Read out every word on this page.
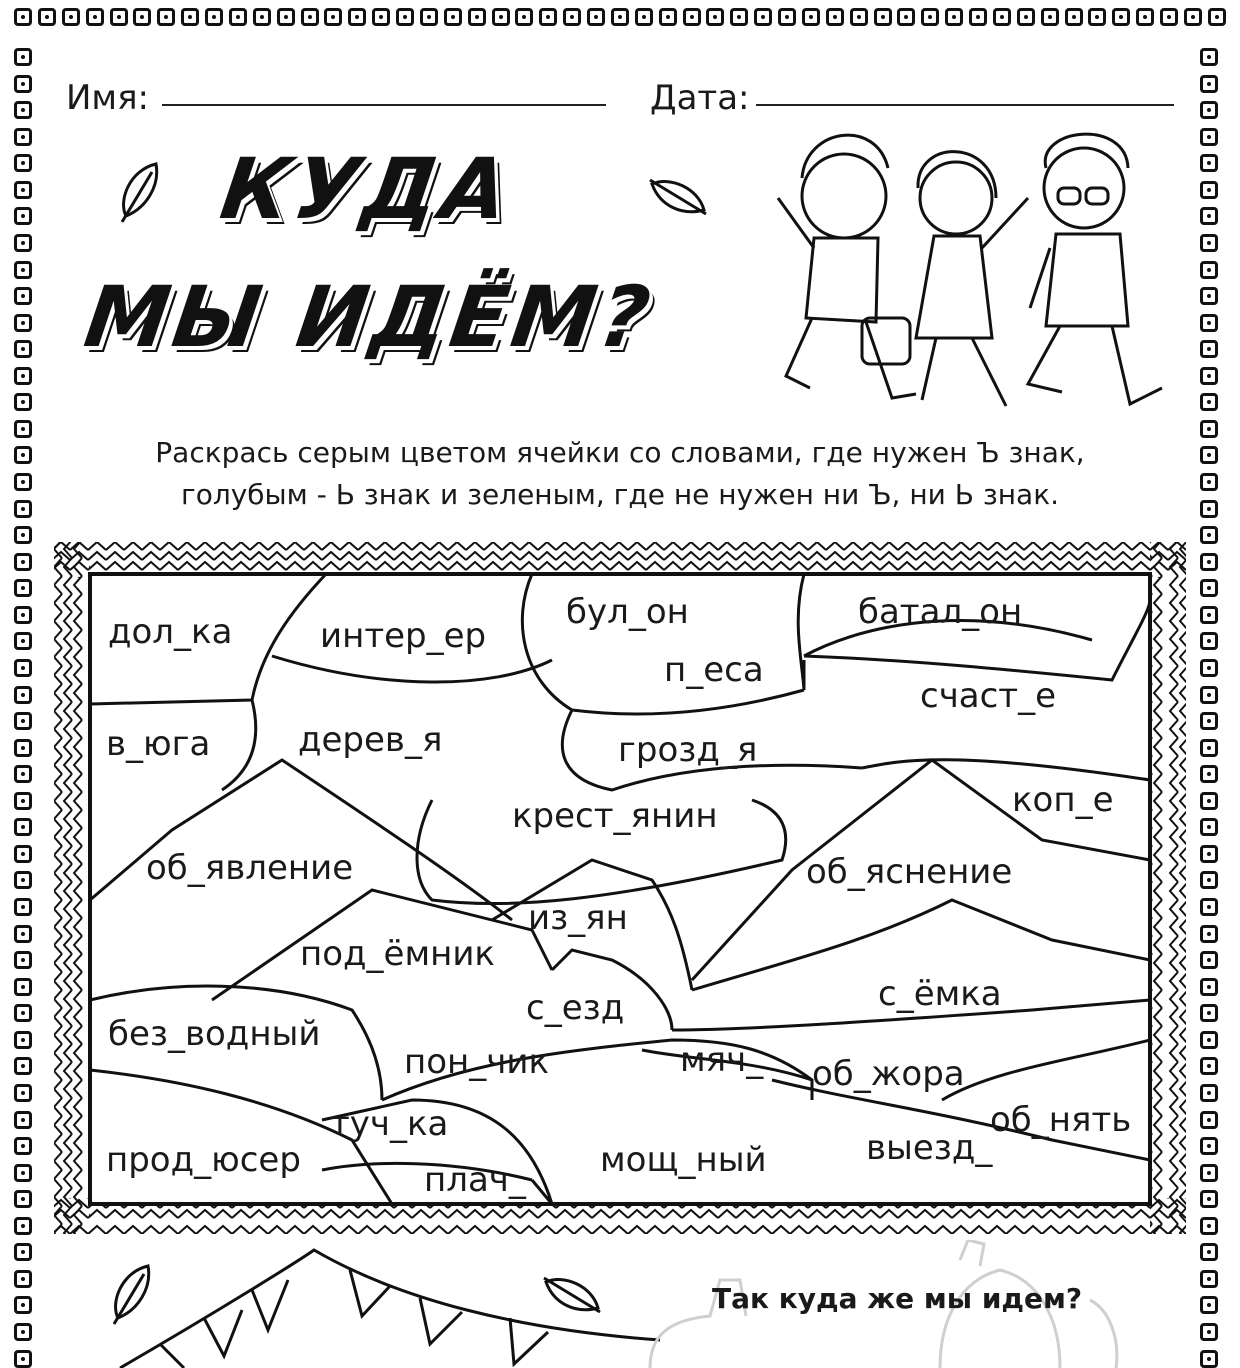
Имя:	Дата:
КУДА
МЫ ИДЁМ?
Раскрась серым цветом ячейки со словами, где нужен Ъ знак,
голубым - Ь знак и зеленым, где не нужен ни Ъ, ни Ь знак.
дол_ка	интер_ер
бул_он	батал_он
п_еса
счаст_е
в_юга	дерев_я	грозд_я
крест_янин	коп_е
об_явление	об_яснение
из_ян
под_ёмник
с_езд	с_ёмка
без_водный
пон_чик	мяч_ об_жора
туч_ка	об_нять
прод_юсер	плач_ мощ_ный	выезд_
Так куда же мы идем?
